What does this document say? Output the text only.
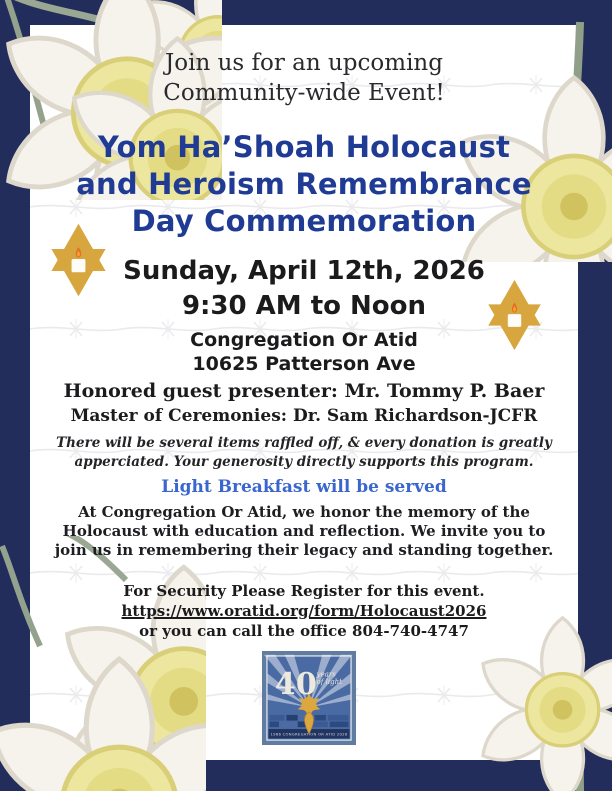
Join us for an upcoming
Community-wide Event!
Yom Ha’Shoah Holocaust
and Heroism Remembrance
Day Commemoration
Sunday, April 12th, 2026
9:30 AM to Noon
Congregation Or Atid
10625 Patterson Ave
Honored guest presenter: Mr. Tommy P. Baer
Master of Ceremonies: Dr. Sam Richardson-JCFR
There will be several items raffled off, & every donation is greatly
apperciated. Your generosity directly supports this program.
Light Breakfast will be served
At Congregation Or Atid, we honor the memory of the
Holocaust with education and reflection. We invite you to
join us in remembering their legacy and standing together.
For Security Please Register for this event.
https://www.oratid.org/form/Holocaust2026
or you can call the office 804-740-4747
40 years
of light
1986 CONGREGATION OR ATID 2026
